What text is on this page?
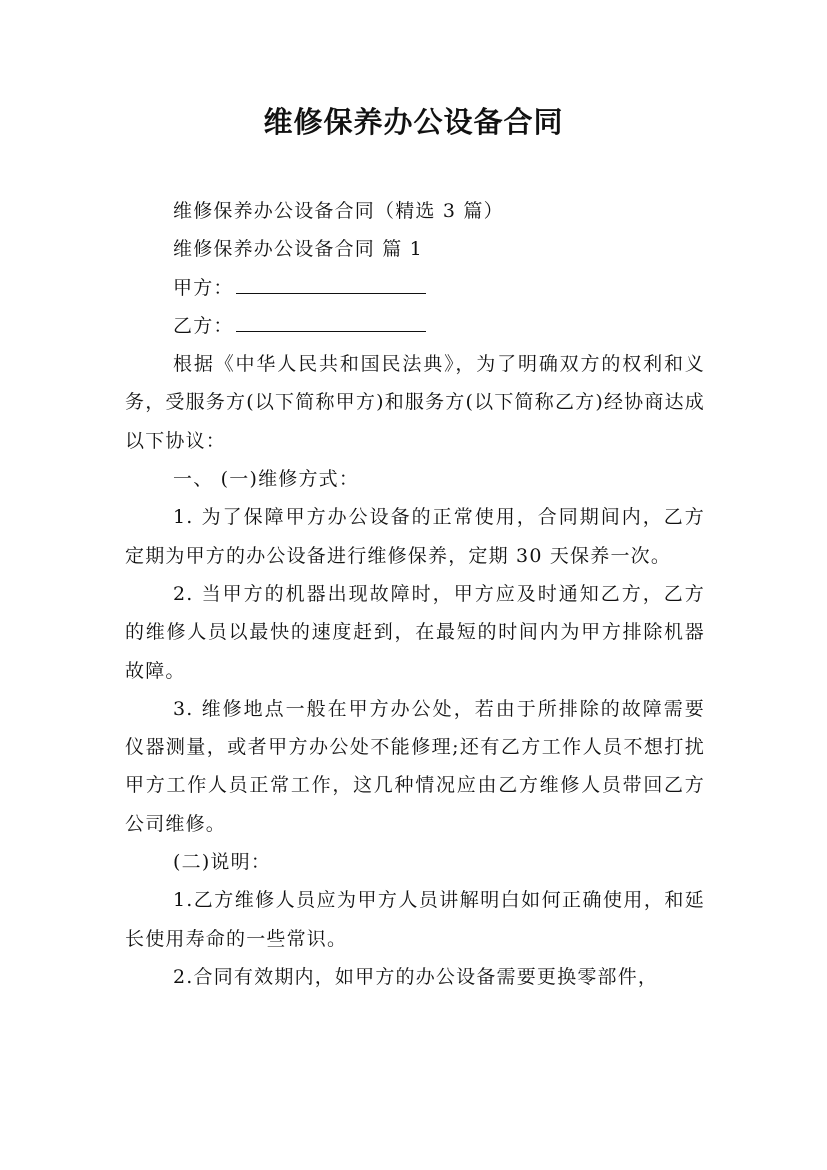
维修保养办公设备合同

维修保养办公设备合同（精选 3 篇）

维修保养办公设备合同 篇 1

甲方：

乙方：

根据《中华人民共和国民法典》，为了明确双方的权利和义务，受服务方(以下简称甲方)和服务方(以下简称乙方)经协商达成以下协议：

一、 (一)维修方式：

1. 为了保障甲方办公设备的正常使用，合同期间内，乙方定期为甲方的办公设备进行维修保养，定期 30 天保养一次。

2. 当甲方的机器出现故障时，甲方应及时通知乙方，乙方的维修人员以最快的速度赶到，在最短的时间内为甲方排除机器故障。

3. 维修地点一般在甲方办公处，若由于所排除的故障需要仪器测量，或者甲方办公处不能修理;还有乙方工作人员不想打扰甲方工作人员正常工作，这几种情况应由乙方维修人员带回乙方公司维修。

(二)说明：

1.乙方维修人员应为甲方人员讲解明白如何正确使用，和延长使用寿命的一些常识。

2.合同有效期内，如甲方的办公设备需要更换零部件，
